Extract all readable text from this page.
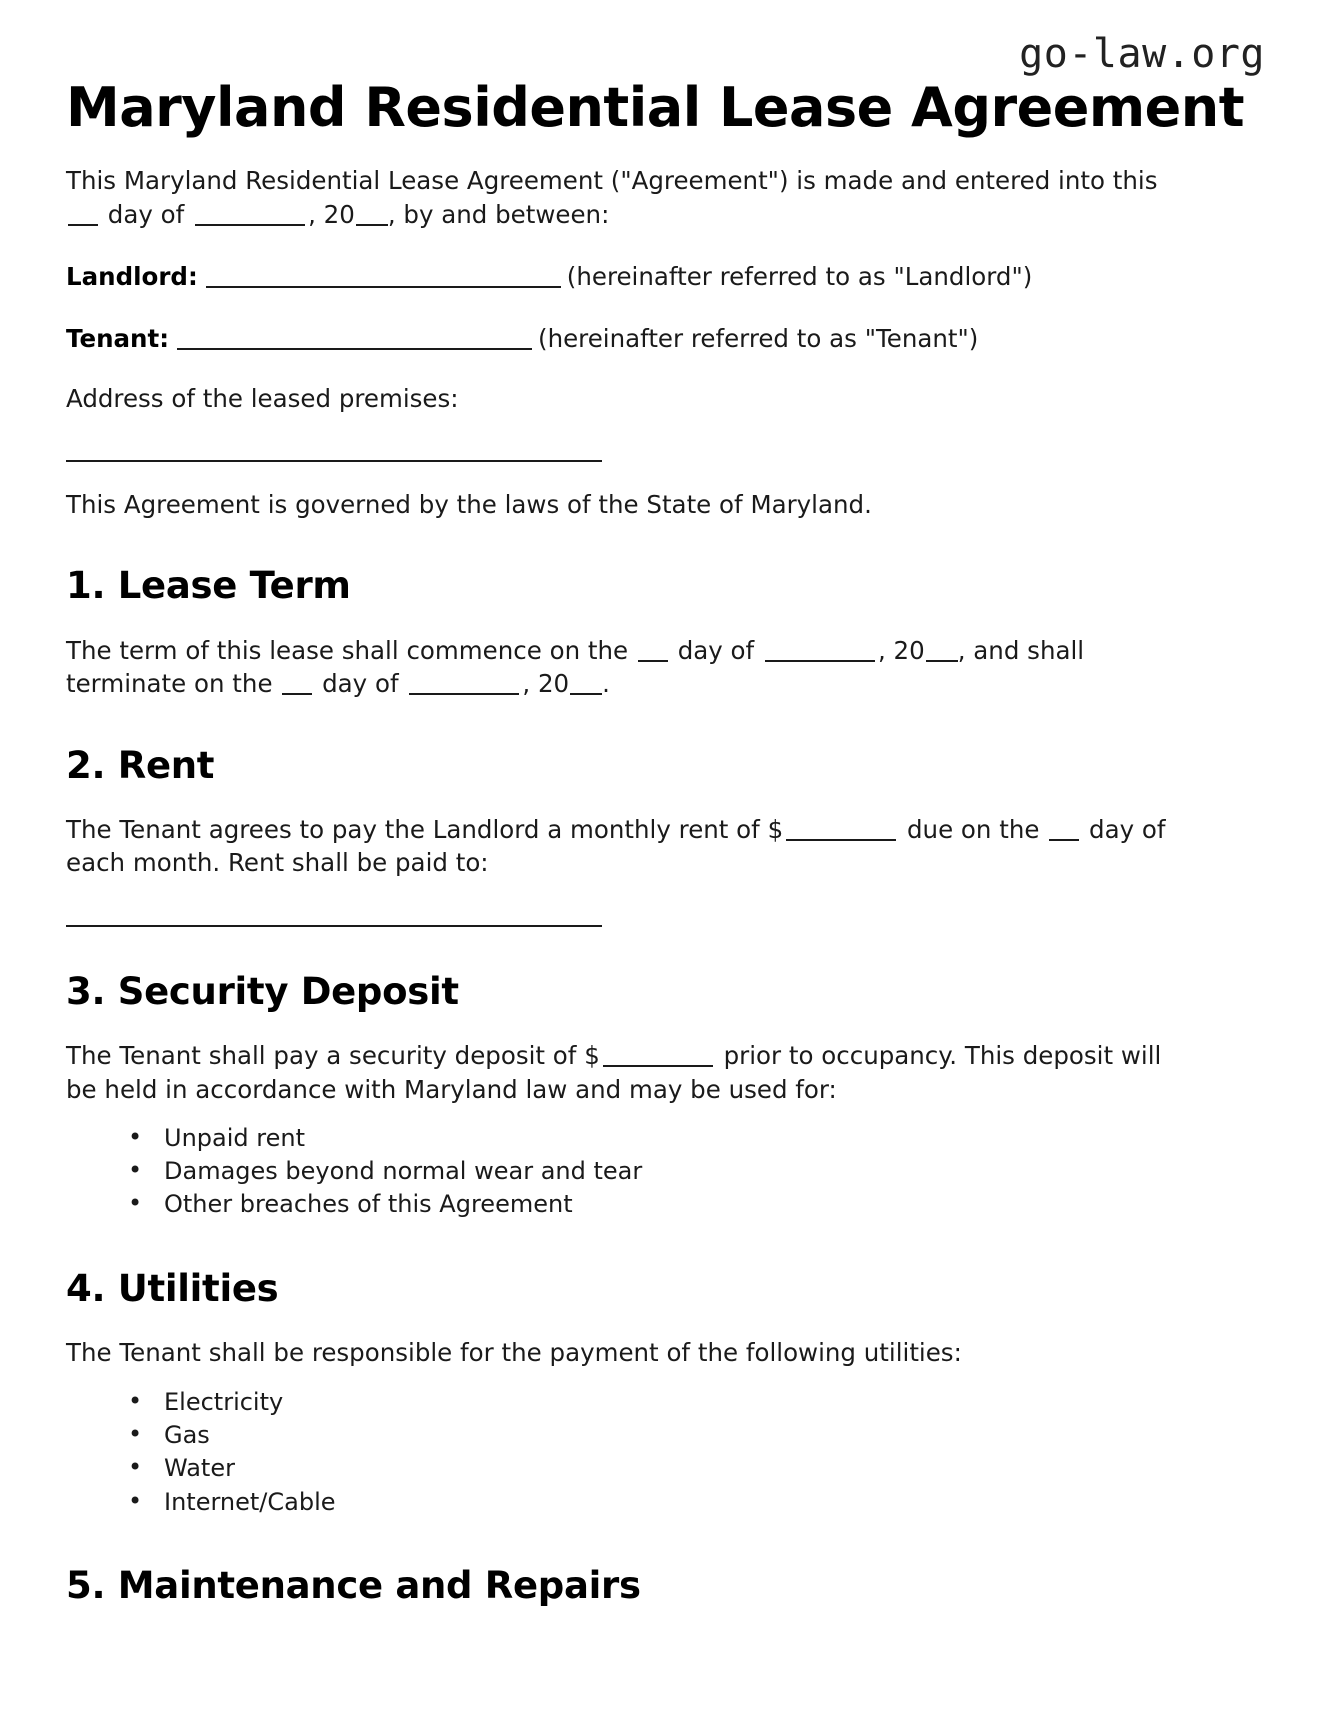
go-law.org
Maryland Residential Lease Agreement

This Maryland Residential Lease Agreement ("Agreement") is made and entered into this  day of	, 20 , by and between:

Landlord:	(hereinafter referred to as "Landlord")

Tenant:	(hereinafter referred to as "Tenant")

Address of the leased premises:

This Agreement is governed by the laws of the State of Maryland.

1. Lease Term

The term of this lease shall commence on the day of	, 20 , and shall terminate on the day of	, 20 .

2. Rent

The Tenant agrees to pay the Landlord a monthly rent of $	due on the day of each month. Rent shall be paid to:

3. Security Deposit

The Tenant shall pay a security deposit of $	prior to occupancy. This deposit will be held in accordance with Maryland law and may be used for:

• Unpaid rent
• Damages beyond normal wear and tear
• Other breaches of this Agreement
4. Utilities

The Tenant shall be responsible for the payment of the following utilities:

• Electricity
• Gas
• Water
• Internet/Cable
5. Maintenance and Repairs
